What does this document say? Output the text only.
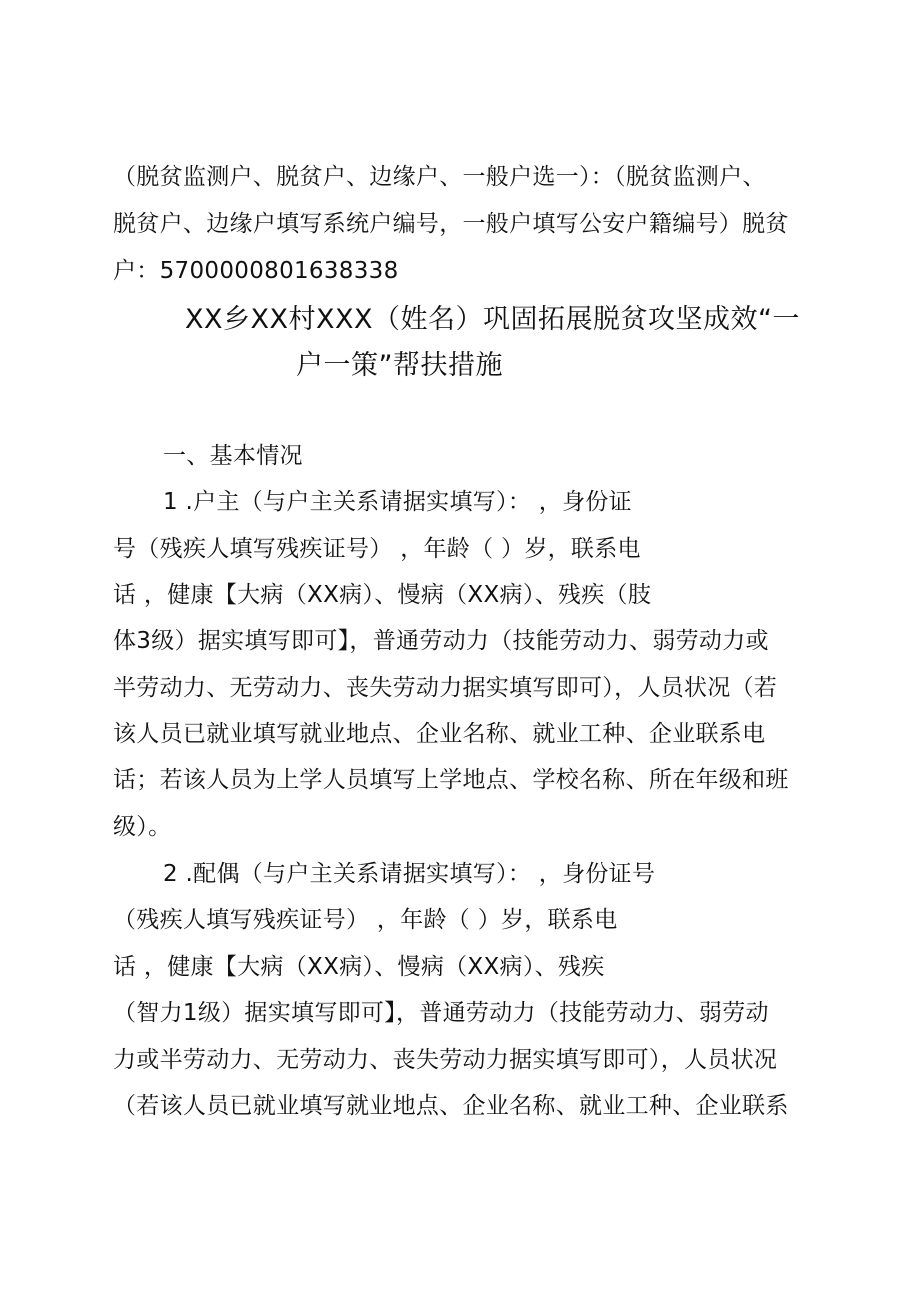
（脱贫监测户、脱贫户、边缘户、一般户选一）：（脱贫监测户、
脱贫户、边缘户填写系统户编号，一般户填写公安户籍编号）脱贫
户：5700000801638338
XX乡XX村XXX（姓名）巩固拓展脱贫攻坚成效“一
户一策”帮扶措施
一、基本情况
1 .户主（与户主关系请据实填写）： ，身份证
号（残疾人填写残疾证号） ，年龄（ ）岁，联系电
话 ，健康【大病（XX病）、慢病（XX病）、残疾（肢
体3级）据实填写即可】，普通劳动力（技能劳动力、弱劳动力或
半劳动力、无劳动力、丧失劳动力据实填写即可），人员状况（若
该人员已就业填写就业地点、企业名称、就业工种、企业联系电
话；若该人员为上学人员填写上学地点、学校名称、所在年级和班
级）。
2 .配偶（与户主关系请据实填写）： ，身份证号
（残疾人填写残疾证号） ，年龄（ ）岁，联系电
话 ，健康【大病（XX病）、慢病（XX病）、残疾
（智力1级）据实填写即可】，普通劳动力（技能劳动力、弱劳动
力或半劳动力、无劳动力、丧失劳动力据实填写即可），人员状况
（若该人员已就业填写就业地点、企业名称、就业工种、企业联系
